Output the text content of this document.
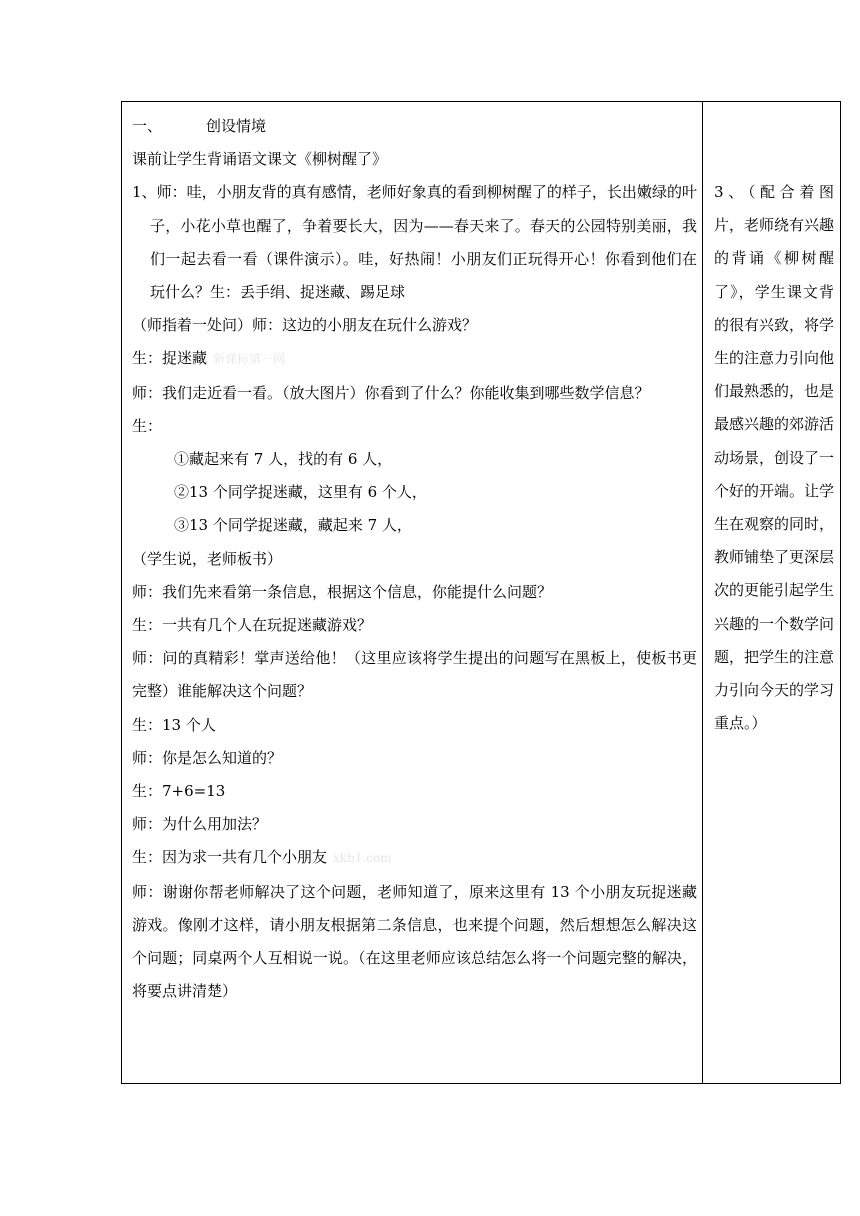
一、	创设情境

课前让学生背诵语文课文《柳树醒了》

1、师：哇，小朋友背的真有感情，老师好象真的看到柳树醒了的样子，长出嫩绿的叶子，小花小草也醒了，争着要长大，因为——春天来了。春天的公园特别美丽，我们一起去看一看（课件演示）。哇，好热闹！小朋友们正玩得开心！你看到他们在玩什么？生：丢手绢、捉迷藏、踢足球

（师指着一处问）师：这边的小朋友在玩什么游戏？

生：捉迷藏 新课标第一网

师：我们走近看一看。（放大图片）你看到了什么？你能收集到哪些数学信息？

生：

①藏起来有 7 人，找的有 6 人，

②13 个同学捉迷藏，这里有 6 个人，

③13 个同学捉迷藏，藏起来 7 人，

（学生说，老师板书）

师：我们先来看第一条信息，根据这个信息，你能提什么问题？

生：一共有几个人在玩捉迷藏游戏？

师：问的真精彩！掌声送给他！（这里应该将学生提出的问题写在黑板上，使板书更完整）谁能解决这个问题？

生：13 个人

师：你是怎么知道的？

生：7+6=13

师：为什么用加法？

生：因为求一共有几个小朋友 xkb1.com

师：谢谢你帮老师解决了这个问题，老师知道了，原来这里有 13 个小朋友玩捉迷藏游戏。像刚才这样，请小朋友根据第二条信息，也来提个问题，然后想想怎么解决这个问题；同桌两个人互相说一说。（在这里老师应该总结怎么将一个问题完整的解决，将要点讲清楚）

3、（配合着图片，老师绕有兴趣的背诵《柳树醒了》，学生课文背的很有兴致，将学生的注意力引向他们最熟悉的，也是最感兴趣的郊游活动场景，创设了一个好的开端。让学生在观察的同时，教师铺垫了更深层次的更能引起学生兴趣的一个数学问题，把学生的注意力引向今天的学习重点。）
